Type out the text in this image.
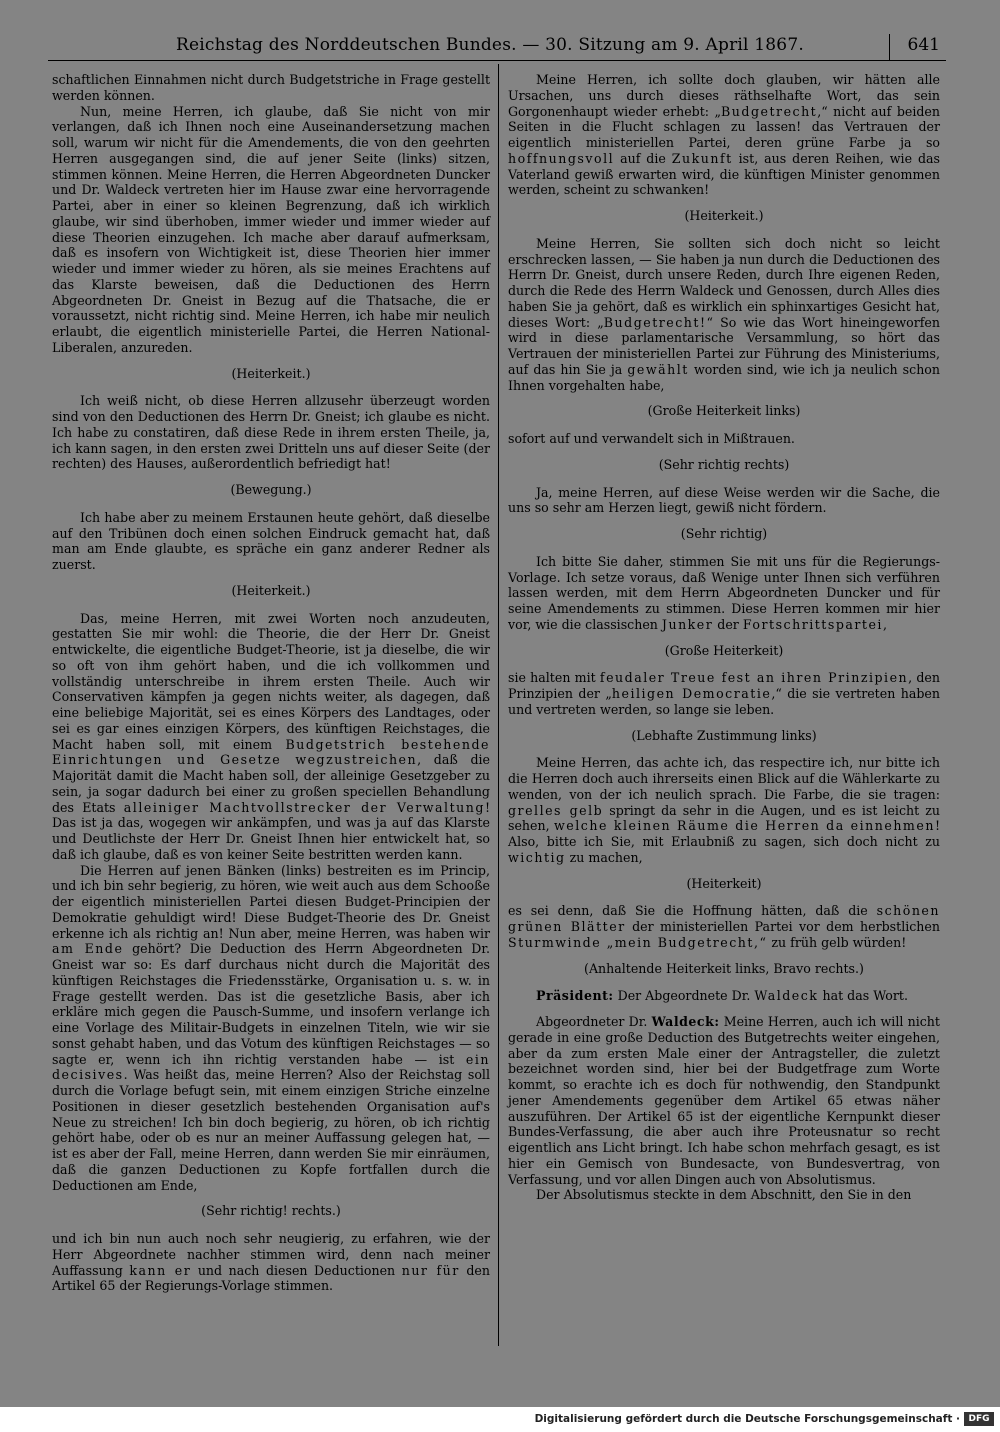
Reichstag des Norddeutschen Bundes. — 30. Sitzung am 9. April 1867.	641

schaftlichen Einnahmen nicht durch Budgetstriche in Frage gestellt werden können.

Nun, meine Herren, ich glaube, daß Sie nicht von mir verlangen, daß ich Ihnen noch eine Auseinandersetzung machen soll, warum wir nicht für die Amendements, die von den geehrten Herren ausgegangen sind, die auf jener Seite (links) sitzen, stimmen können. Meine Herren, die Herren Abgeordneten Duncker und Dr. Waldeck vertreten hier im Hause zwar eine hervorragende Partei, aber in einer so kleinen Begrenzung, daß ich wirklich glaube, wir sind überhoben, immer wieder und immer wieder auf diese Theorien einzugehen. Ich mache aber darauf aufmerksam, daß es insofern von Wichtigkeit ist, diese Theorien hier immer wieder und immer wieder zu hören, als sie meines Erachtens auf das Klarste beweisen, daß die Deductionen des Herrn Abgeordneten Dr. Gneist in Bezug auf die Thatsache, die er voraussetzt, nicht richtig sind. Meine Herren, ich habe mir neulich erlaubt, die eigentlich ministerielle Partei, die Herren National-Liberalen, anzureden.

(Heiterkeit.)

Ich weiß nicht, ob diese Herren allzusehr überzeugt worden sind von den Deductionen des Herrn Dr. Gneist; ich glaube es nicht. Ich habe zu constatiren, daß diese Rede in ihrem ersten Theile, ja, ich kann sagen, in den ersten zwei Dritteln uns auf dieser Seite (der rechten) des Hauses, außerordentlich befriedigt hat!

(Bewegung.)

Ich habe aber zu meinem Erstaunen heute gehört, daß dieselbe auf den Tribünen doch einen solchen Eindruck gemacht hat, daß man am Ende glaubte, es spräche ein ganz anderer Redner als zuerst.

(Heiterkeit.)

Das, meine Herren, mit zwei Worten noch anzudeuten, gestatten Sie mir wohl: die Theorie, die der Herr Dr. Gneist entwickelte, die eigentliche Budget-Theorie, ist ja dieselbe, die wir so oft von ihm gehört haben, und die ich vollkommen und vollständig unterschreibe in ihrem ersten Theile. Auch wir Conservativen kämpfen ja gegen nichts weiter, als dagegen, daß eine beliebige Majorität, sei es eines Körpers des Landtages, oder sei es gar eines einzigen Körpers, des künftigen Reichstages, die Macht haben soll, mit einem Budgetstrich bestehende Einrichtungen und Gesetze wegzustreichen, daß die Majorität damit die Macht haben soll, der alleinige Gesetzgeber zu sein, ja sogar dadurch bei einer zu großen speciellen Behandlung des Etats alleiniger Machtvollstrecker der Verwaltung! Das ist ja das, wogegen wir ankämpfen, und was ja auf das Klarste und Deutlichste der Herr Dr. Gneist Ihnen hier entwickelt hat, so daß ich glaube, daß es von keiner Seite bestritten werden kann.

Die Herren auf jenen Bänken (links) bestreiten es im Princip, und ich bin sehr begierig, zu hören, wie weit auch aus dem Schooße der eigentlich ministeriellen Partei diesen Budget-Principien der Demokratie gehuldigt wird! Diese Budget-Theorie des Dr. Gneist erkenne ich als richtig an! Nun aber, meine Herren, was haben wir am Ende gehört? Die Deduction des Herrn Abgeordneten Dr. Gneist war so: Es darf durchaus nicht durch die Majorität des künftigen Reichstages die Friedensstärke, Organisation u. s. w. in Frage gestellt werden. Das ist die gesetzliche Basis, aber ich erkläre mich gegen die Pausch-Summe, und insofern verlange ich eine Vorlage des Militair-Budgets in einzelnen Titeln, wie wir sie sonst gehabt haben, und das Votum des künftigen Reichstages — so sagte er, wenn ich ihn richtig verstanden habe — ist ein decisives. Was heißt das, meine Herren? Also der Reichstag soll durch die Vorlage befugt sein, mit einem einzigen Striche einzelne Positionen in dieser gesetzlich bestehenden Organisation auf's Neue zu streichen! Ich bin doch begierig, zu hören, ob ich richtig gehört habe, oder ob es nur an meiner Auffassung gelegen hat, — ist es aber der Fall, meine Herren, dann werden Sie mir einräumen, daß die ganzen Deductionen zu Kopfe fortfallen durch die Deductionen am Ende,

(Sehr richtig! rechts.)

und ich bin nun auch noch sehr neugierig, zu erfahren, wie der Herr Abgeordnete nachher stimmen wird, denn nach meiner Auffassung kann er und nach diesen Deductionen nur für den Artikel 65 der Regierungs-Vorlage stimmen.

Meine Herren, ich sollte doch glauben, wir hätten alle Ursachen, uns durch dieses räthselhafte Wort, das sein Gorgonenhaupt wieder erhebt: „Budgetrecht,“ nicht auf beiden Seiten in die Flucht schlagen zu lassen! das Vertrauen der eigentlich ministeriellen Partei, deren grüne Farbe ja so hoffnungsvoll auf die Zukunft ist, aus deren Reihen, wie das Vaterland gewiß erwarten wird, die künftigen Minister genommen werden, scheint zu schwanken!

(Heiterkeit.)

Meine Herren, Sie sollten sich doch nicht so leicht erschrecken lassen, — Sie haben ja nun durch die Deductionen des Herrn Dr. Gneist, durch unsere Reden, durch Ihre eigenen Reden, durch die Rede des Herrn Waldeck und Genossen, durch Alles dies haben Sie ja gehört, daß es wirklich ein sphinxartiges Gesicht hat, dieses Wort: „Budgetrecht!“ So wie das Wort hineingeworfen wird in diese parlamentarische Versammlung, so hört das Vertrauen der ministeriellen Partei zur Führung des Ministeriums, auf das hin Sie ja gewählt worden sind, wie ich ja neulich schon Ihnen vorgehalten habe,

(Große Heiterkeit links)

sofort auf und verwandelt sich in Mißtrauen.

(Sehr richtig rechts)

Ja, meine Herren, auf diese Weise werden wir die Sache, die uns so sehr am Herzen liegt, gewiß nicht fördern.

(Sehr richtig)

Ich bitte Sie daher, stimmen Sie mit uns für die Regierungs-Vorlage. Ich setze voraus, daß Wenige unter Ihnen sich verführen lassen werden, mit dem Herrn Abgeordneten Duncker und für seine Amendements zu stimmen. Diese Herren kommen mir hier vor, wie die classischen Junker der Fortschrittspartei,

(Große Heiterkeit)

sie halten mit feudaler Treue fest an ihren Prinzipien, den Prinzipien der „heiligen Democratie,“ die sie vertreten haben und vertreten werden, so lange sie leben.

(Lebhafte Zustimmung links)

Meine Herren, das achte ich, das respectire ich, nur bitte ich die Herren doch auch ihrerseits einen Blick auf die Wählerkarte zu wenden, von der ich neulich sprach. Die Farbe, die sie tragen: grelles gelb springt da sehr in die Augen, und es ist leicht zu sehen, welche kleinen Räume die Herren da einnehmen! Also, bitte ich Sie, mit Erlaubniß zu sagen, sich doch nicht zu wichtig zu machen,

(Heiterkeit)

es sei denn, daß Sie die Hoffnung hätten, daß die schönen grünen Blätter der ministeriellen Partei vor dem herbstlichen Sturmwinde „mein Budgetrecht,“ zu früh gelb würden!

(Anhaltende Heiterkeit links, Bravo rechts.)

Präsident: Der Abgeordnete Dr. Waldeck hat das Wort.

Abgeordneter Dr. Waldeck: Meine Herren, auch ich will nicht gerade in eine große Deduction des Butgetrechts weiter eingehen, aber da zum ersten Male einer der Antragsteller, die zuletzt bezeichnet worden sind, hier bei der Budgetfrage zum Worte kommt, so erachte ich es doch für nothwendig, den Standpunkt jener Amendements gegenüber dem Artikel 65 etwas näher auszuführen. Der Artikel 65 ist der eigentliche Kernpunkt dieser Bundes-Verfassung, die aber auch ihre Proteusnatur so recht eigentlich ans Licht bringt. Ich habe schon mehrfach gesagt, es ist hier ein Gemisch von Bundesacte, von Bundesvertrag, von Verfassung, und vor allen Dingen auch von Absolutismus.

Der Absolutismus steckte in dem Abschnitt, den Sie in den

Digitalisierung gefördert durch die Deutsche Forschungsgemeinschaft · DFG
